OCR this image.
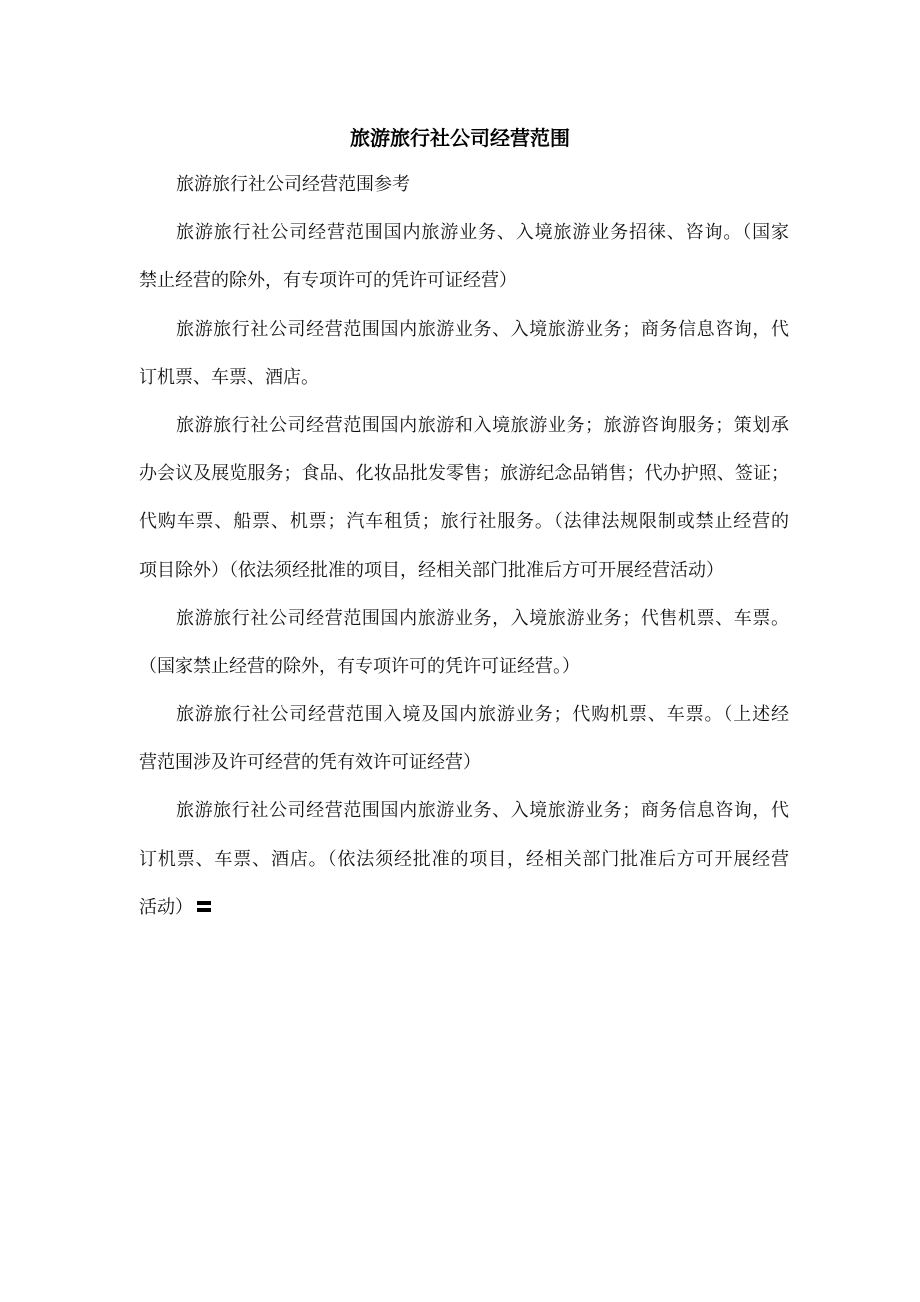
旅游旅行社公司经营范围
旅游旅行社公司经营范围参考
旅游旅行社公司经营范围国内旅游业务、入境旅游业务招徕、咨询。（国家
禁止经营的除外，有专项许可的凭许可证经营）
旅游旅行社公司经营范围国内旅游业务、入境旅游业务；商务信息咨询，代
订机票、车票、酒店。
旅游旅行社公司经营范围国内旅游和入境旅游业务；旅游咨询服务；策划承
办会议及展览服务；食品、化妆品批发零售；旅游纪念品销售；代办护照、签证；
代购车票、船票、机票；汽车租赁；旅行社服务。（法律法规限制或禁止经营的
项目除外）（依法须经批准的项目，经相关部门批准后方可开展经营活动）
旅游旅行社公司经营范围国内旅游业务，入境旅游业务；代售机票、车票。
（国家禁止经营的除外，有专项许可的凭许可证经营。）
旅游旅行社公司经营范围入境及国内旅游业务；代购机票、车票。（上述经
营范围涉及许可经营的凭有效许可证经营）
旅游旅行社公司经营范围国内旅游业务、入境旅游业务；商务信息咨询，代
订机票、车票、酒店。（依法须经批准的项目，经相关部门批准后方可开展经营
活动）
